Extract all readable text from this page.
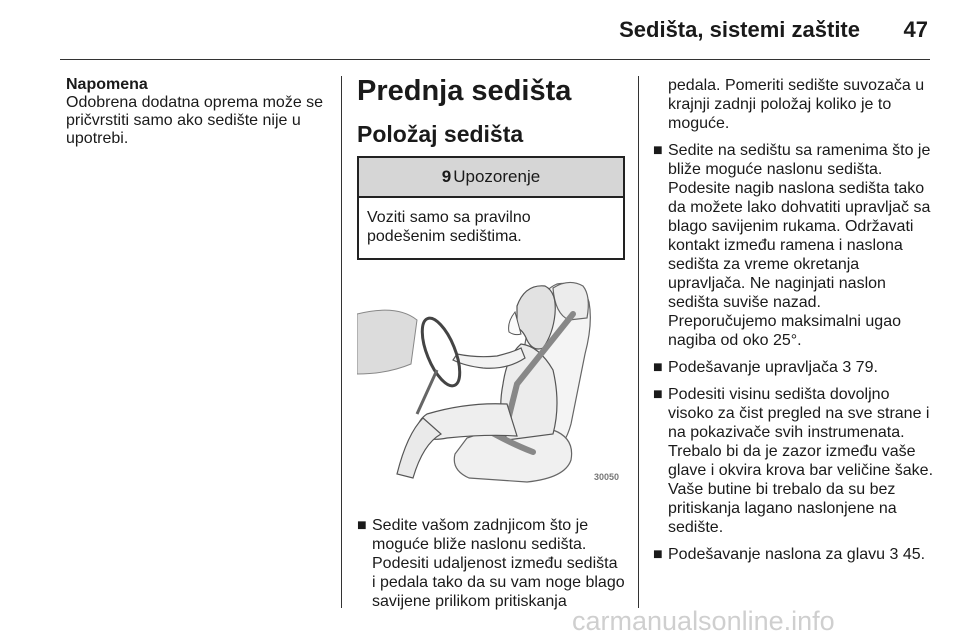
Sedišta, sistemi zaštite	47
Napomena
Odobrena dodatna oprema može se pričvrstiti samo ako sedište nije u upotrebi.
Prednja sedišta
Položaj sedišta
9 Upozorenje
Voziti samo sa pravilno
podešenim sedištima.
30050
■ Sedite vašom zadnjicom što je moguće bliže naslonu sedišta. Podesiti udaljenost između sedišta i pedala tako da su vam noge blago savijene prilikom pritiskanja
pedala. Pomeriti sedište suvozača u krajnji zadnji položaj koliko je to moguće.
■ Sedite na sedištu sa ramenima što je bliže moguće naslonu sedišta. Podesite nagib naslona sedišta tako da možete lako dohvatiti upravljač sa blago savijenim rukama. Održavati kontakt između ramena i naslona sedišta za vreme okretanja upravljača. Ne naginjati naslon sedišta suviše nazad. Preporučujemo maksimalni ugao nagiba od oko 25°.
■ Podešavanje upravljača 3 79.
■ Podesiti visinu sedišta dovoljno visoko za čist pregled na sve strane i na pokazivače svih instrumenata. Trebalo bi da je zazor između vaše glave i okvira krova bar veličine šake. Vaše butine bi trebalo da su bez pritiskanja lagano naslonjene na sedište.
■ Podešavanje naslona za glavu 3 45.
carmanualsonline.info
